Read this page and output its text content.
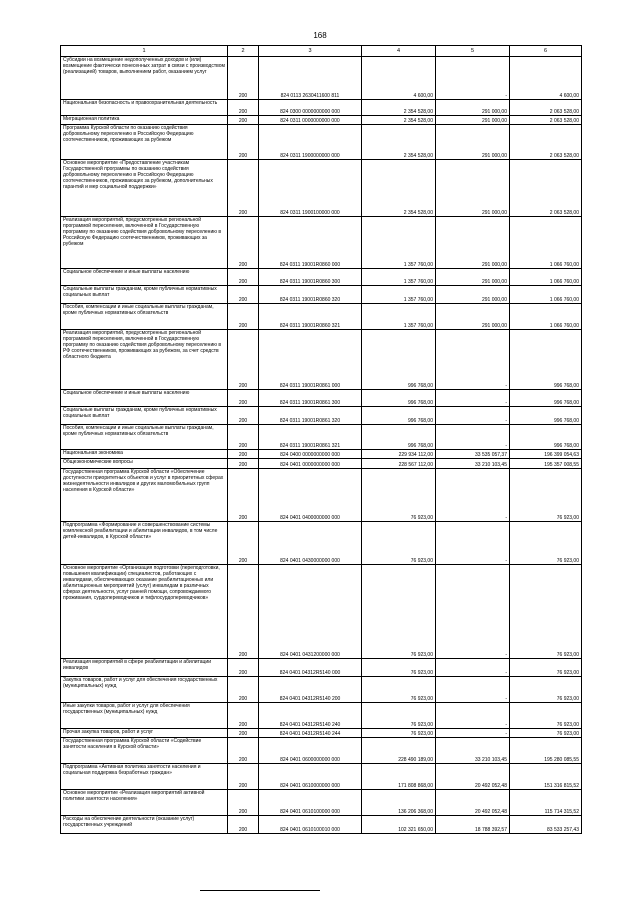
168
1	2	3	4	5	6
Субсидии на возмещение недополученных доходов и (или) возмещение фактически понесенных затрат в связи с производством (реализацией) товаров, выполнением работ, оказанием услуг	200	824 0113 2630411600 811	4 600,00	-	4 600,00
Национальная безопасность и правоохранительная деятельность	200	824 0300 0000000000 000	2 354 528,00	291 000,00	2 063 528,00
Миграционная политика	200	824 0311 0000000000 000	2 354 528,00	291 000,00	2 063 528,00
Программа Курской области по оказанию содействия добровольному переселению в Российскую Федерацию соотечественников, проживающих за рубежом	200	824 0311 1900000000 000	2 354 528,00	291 000,00	2 063 528,00
Основное мероприятие «Предоставление участникам Государственной программы по оказанию содействия добровольному переселению в Российскую Федерацию соотечественников, проживающих за рубежом, дополнительных гарантий и мер социальной поддержки»	200	824 0311 1900100000 000	2 354 528,00	291 000,00	2 063 528,00
Реализация мероприятий, предусмотренных региональной программой переселения, включенной в Государственную программу по оказанию содействия добровольному переселению в Российскую Федерацию соотечественников, проживающих за рубежом	200	824 0311 19001R0860 000	1 357 760,00	291 000,00	1 066 760,00
Социальное обеспечение и иные выплаты населению	200	824 0311 19001R0860 300	1 357 760,00	291 000,00	1 066 760,00
Социальные выплаты гражданам, кроме публичных нормативных социальных выплат	200	824 0311 19001R0860 320	1 357 760,00	291 000,00	1 066 760,00
Пособия, компенсации и иные социальные выплаты гражданам, кроме публичных нормативных обязательств	200	824 0311 19001R0860 321	1 357 760,00	291 000,00	1 066 760,00
Реализация мероприятий, предусмотренных региональной программой переселения, включенной в Государственную программу по оказанию содействия добровольному переселению в РФ соотечественников, проживающих за рубежом, за счет средств областного бюджета	200	824 0311 19001R0861 000	996 768,00	-	996 768,00
Социальное обеспечение и иные выплаты населению	200	824 0311 19001R0861 300	996 768,00	-	996 768,00
Социальные выплаты гражданам, кроме публичных нормативных социальных выплат	200	824 0311 19001R0861 320	996 768,00	-	996 768,00
Пособия, компенсации и иные социальные выплаты гражданам, кроме публичных нормативных обязательств	200	824 0311 19001R0861 321	996 768,00	-	996 768,00
Национальная экономика	200	824 0400 0000000000 000	229 934 112,00	33 535 057,37	196 399 054,63
Общеэкономические вопросы	200	824 0401 0000000000 000	228 567 112,00	33 210 103,45	195 357 008,55
Государственная программа Курской области «Обеспечение доступности приоритетных объектов и услуг в приоритетных сферах жизнедеятельности инвалидов и других маломобильных групп населения в Курской области»	200	824 0401 0400000000 000	76 923,00	-	76 923,00
Подпрограмма «Формирование и совершенствование системы комплексной реабилитации и абилитации инвалидов, в том числе детей-инвалидов, в Курской области»	200	824 0401 0430000000 000	76 923,00	-	76 923,00
Основное мероприятие «Организация подготовки (переподготовки, повышения квалификации) специалистов, работающих с инвалидами, обеспечивающих оказание реабилитационных или абилитационных мероприятий (услуг) инвалидам в различных сферах деятельности, услуг ранней помощи, сопровождаемого проживания, сурдопереводчиков и тифлосурдопереводчиков»	200	824 0401 0431200000 000	76 923,00	-	76 923,00
Реализация мероприятий в сфере реабилитации и абилитации инвалидов	200	824 0401 04312R5140 000	76 923,00	-	76 923,00
Закупка товаров, работ и услуг для обеспечения государственных (муниципальных) нужд	200	824 0401 04312R5140 200	76 923,00	-	76 923,00
Иные закупки товаров, работ и услуг для обеспечения государственных (муниципальных) нужд	200	824 0401 04312R5140 240	76 923,00	-	76 923,00
Прочая закупка товаров, работ и услуг	200	824 0401 04312R5140 244	76 923,00	-	76 923,00
Государственная программа Курской области «Содействие занятости населения в Курской области»	200	824 0401 0600000000 000	228 490 189,00	33 210 103,45	195 280 085,55
Подпрограмма «Активная политика занятости населения и социальная поддержка безработных граждан»	200	824 0401 0610000000 000	171 808 868,00	20 492 052,48	151 316 815,52
Основное мероприятие «Реализация мероприятий активной политики занятости населения»	200	824 0401 0610100000 000	136 206 368,00	20 492 052,48	115 714 315,52
Расходы на обеспечение деятельности (оказание услуг) государственных учреждений	200	824 0401 0610100010 000	102 321 650,00	18 788 392,57	83 533 257,43
